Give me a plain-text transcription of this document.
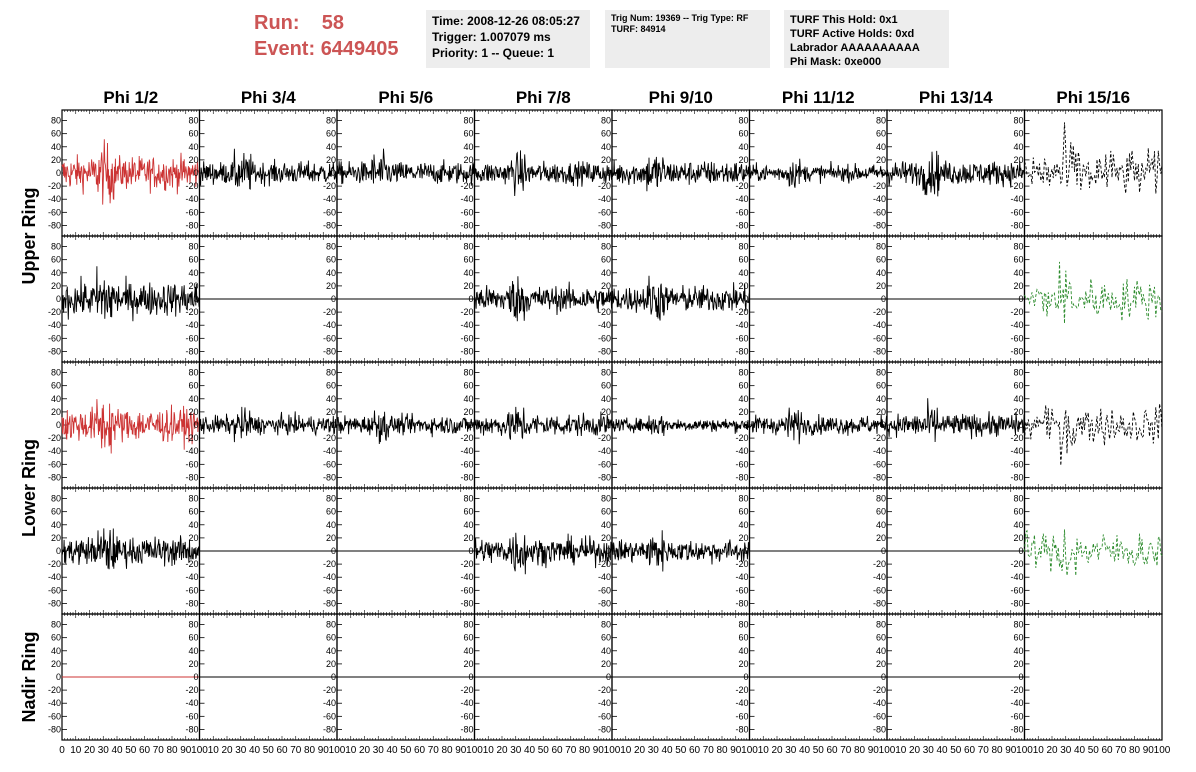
Run: 58
Event: 6449405
Time: 2008-12-26 08:05:27
Trigger: 1.007079 ms
Priority: 1 -- Queue: 1
Trig Num: 19369 -- Trig Type: RF
TURF: 84914
TURF This Hold: 0x1
TURF Active Holds: 0xd
Labrador AAAAAAAAAA
Phi Mask: 0xe000
Phi 1/2	Phi 3/4	Phi 5/6	Phi 7/8	Phi 9/10	Phi 11/12	Phi 13/14	Phi 15/16
Upper Ring
Lower Ring
Nadir Ring
-80
-60
-40
-20
0
20
40
60
80
-80
-60
-40
-20
0
20
40
60
80
-80
-60
-40
-20
0
20
40
60
80
-80
-60
-40
-20
0
20
40
60
80
-80
-60
-40
-20
0
20
40
60
80
-80
-60
-40
-20
0
20
40
60
80
-80
-60
-40
-20
0
20
40
60
80
-80
-60
-40
-20
0
20
40
60
80
-80
-60
-40
-20
0
20
40
60
80
-80
-60
-40
-20
0
20
40
60
80
-80
-60
-40
-20
0
20
40
60
80
-80
-60
-40
-20
0
20
40
60
80
-80
-60
-40
-20
0
20
40
60
80
-80
-60
-40
-20
0
20
40
60
80
-80
-60
-40
-20
0
20
40
60
80
-80
-60
-40
-20
0
20
40
60
80
-80
-60
-40
-20
0
20
40
60
80
-80
-60
-40
-20
0
20
40
60
80
-80
-60
-40
-20
0
20
40
60
80
-80
-60
-40
-20
0
20
40
60
80
-80
-60
-40
-20
0
20
40
60
80
-80
-60
-40
-20
0
20
40
60
80
-80
-60
-40
-20
0
20
40
60
80
-80
-60
-40
-20
0
20
40
60
80
-80
-60
-40
-20
0
20
40
60
80
-80
-60
-40
-20
0
20
40
60
80
-80
-60
-40
-20
0
20
40
60
80
-80
-60
-40
-20
0
20
40
60
80
-80
-60
-40
-20
0
20
40
60
80
-80
-60
-40
-20
0
20
40
60
80
-80
-60
-40
-20
0
20
40
60
80
-80
-60
-40
-20
0
20
40
60
80
-80
-60
-40
-20
0
20
40
60
80
-80
-60
-40
-20
0
20
40
60
80
-80
-60
-40
-20
0
20
40
60
80
-80
-60
-40
-20
0
20
40
60
80
-80
-60
-40
-20
0
20
40
60
80
-80
-60
-40
-20
0
20
40
60
80
-80
-60
-40
-20
0
20
40
60
80
-80
-60
-40
-20
0
20
40
60
80
0 10 20 30 40 50 60 70 80 90 100 10 20 30 40 50 60 70 80 90 100 10 20 30 40 50 60 70 80 90 100 10 20 30 40 50 60 70 80 90 100 10 20 30 40 50 60 70 80 90 100 10 20 30 40 50 60 70 80 90 100 10 20 30 40 50 60 70 80 90 100 10 20 30 40 50 60 70 80 90 100
